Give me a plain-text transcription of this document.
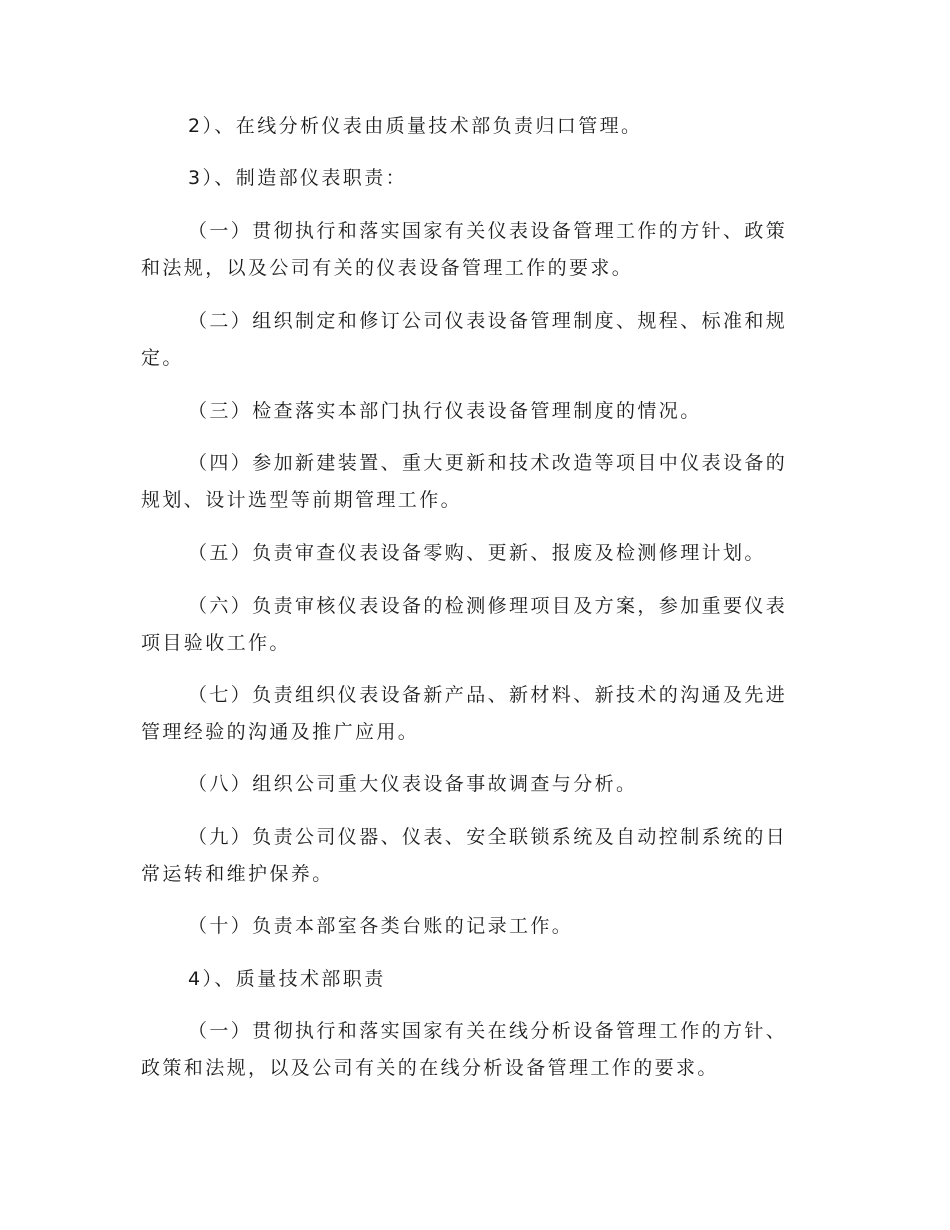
2）、在线分析仪表由质量技术部负责归口管理。

3）、制造部仪表职责：

（一）贯彻执行和落实国家有关仪表设备管理工作的方针、政策
和法规，以及公司有关的仪表设备管理工作的要求。

（二）组织制定和修订公司仪表设备管理制度、规程、标准和规
定。

（三）检查落实本部门执行仪表设备管理制度的情况。

（四）参加新建装置、重大更新和技术改造等项目中仪表设备的
规划、设计选型等前期管理工作。

（五）负责审查仪表设备零购、更新、报废及检测修理计划。

（六）负责审核仪表设备的检测修理项目及方案，参加重要仪表
项目验收工作。

（七）负责组织仪表设备新产品、新材料、新技术的沟通及先进
管理经验的沟通及推广应用。

（八）组织公司重大仪表设备事故调查与分析。

（九）负责公司仪器、仪表、安全联锁系统及自动控制系统的日
常运转和维护保养。

（十）负责本部室各类台账的记录工作。

4）、质量技术部职责

（一）贯彻执行和落实国家有关在线分析设备管理工作的方针、
政策和法规，以及公司有关的在线分析设备管理工作的要求。
